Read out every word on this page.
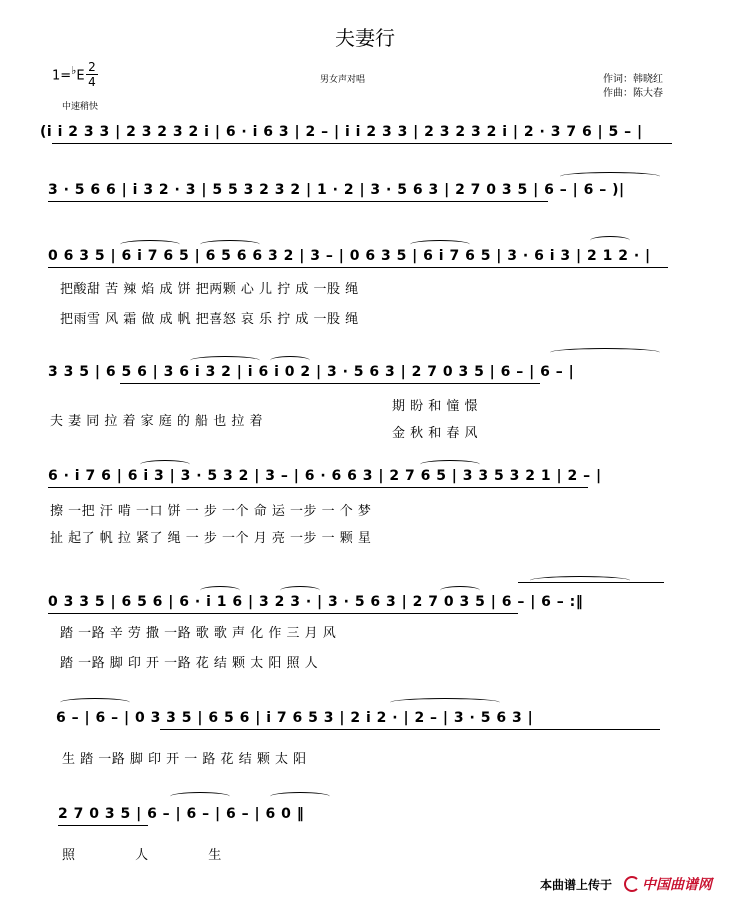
夫妻行
$1=^♭E \frac{2}{4}$
中速稍快
男女声对唱	作词：韩晓红
作曲：陈大春
(i i 2 3 3 | 2 3 2 3 2 i | 6 · i 6 3 | 2 – | i i 2 3 3 | 2 3 2 3 2 i | 2 · 3 7 6 | 5 – |
3 · 5 6 6 | i 3 2 · 3 | 5 5 3 2 3 2 | 1 · 2 | 3 · 5 6 3 | 2 7 0 3 5 | 6 – | 6 – )|
0 6 3 5 | 6 i 7 6 5 | 6 5 6 6 3 2 | 3 – | 0 6 3 5 | 6 i 7 6 5 | 3 · 6 i 3 | 2 1 2 · |
把酸甜 苦 辣 焰 成 饼 把两颗 心 儿 拧 成 一股 绳
把雨雪 风 霜 做 成 帆 把喜怒 哀 乐 拧 成 一股 绳
3 3 5 | 6 5 6 | 3 6 i 3 2 | i 6 i 0 2 | 3 · 5 6 3 | 2 7 0 3 5 | 6 – | 6 – |
夫 妻 同 拉 着 家 庭 的 船 也 拉 着
期 盼 和 憧 憬
金 秋 和 春 风
6 · i 7 6 | 6 i 3 | 3 · 5 3 2 | 3 – | 6 · 6 6 3 | 2 7 6 5 | 3 3 5 3 2 1 | 2 – |
擦 一把 汗 啃 一口 饼 一 步 一个 命 运 一步 一 个 梦
扯 起了 帆 拉 紧了 绳 一 步 一个 月 亮 一步 一 颗 星
0 3 3 5 | 6 5 6 | 6 · i 1 6 | 3 2 3 · | 3 · 5 6 3 | 2 7 0 3 5 | 6 – | 6 – :‖
踏 一路 辛 劳 撒 一路 歌 歌 声 化 作 三 月 风
踏 一路 脚 印 开 一路 花 结 颗 太 阳 照 人
6 – | 6 – | 0 3 3 5 | 6 5 6 | i 7 6 5 3 | 2 i 2 · | 2 – | 3 · 5 6 3 |
生 踏 一路 脚 印 开 一 路 花 结 颗 太 阳
2 7 0 3 5 | 6 – | 6 – | 6 – | 6 0 ‖
照 人 生
本曲谱上传于 中国曲谱网
